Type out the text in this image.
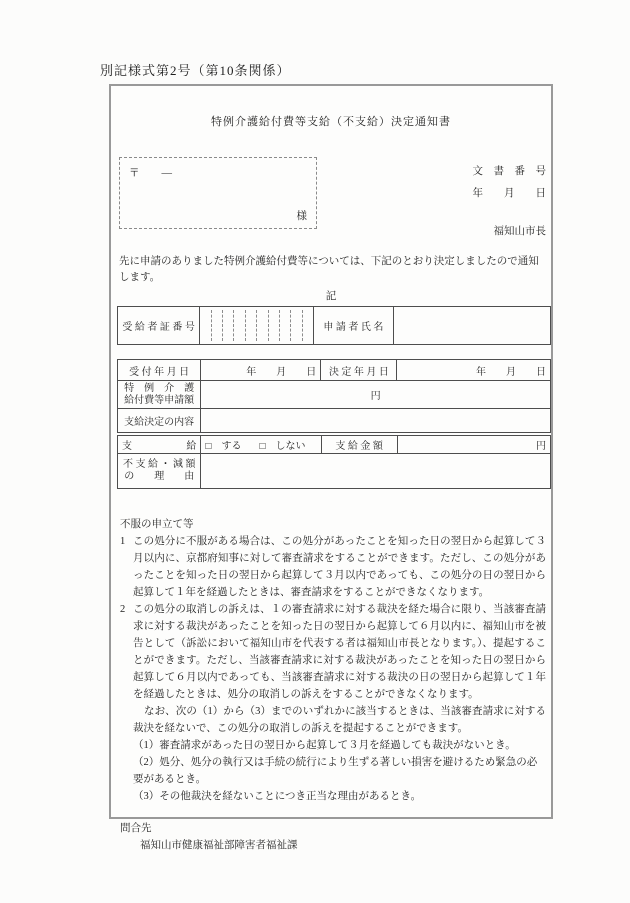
別記様式第2号（第10条関係）
特例介護給付費等支給（不支給）決定通知書
〒 —
様
文　書　番　号
年　　月　　日
福知山市長
先に申請のありました特例介護給付費等については、下記のとおり決定しましたので通知します。
記
受 給 者 証 番 号		申 請 者 氏 名	
受 付 年 月 日	年　　月　　日	決 定 年 月 日	年　　月　　日

特　例　介　護
給付費等申請額	円		
支給決定の内容			
支 給	□　する □　しない	支 給 金 額	円

不 支 給 ・ 減 額
の　　理　　由			

不服の申立て等
1 この処分に不服がある場合は、この処分があったことを知った日の翌日から起算して３月以内に、京都府知事に対して審査請求をすることができます。ただし、この処分があったことを知った日の翌日から起算して３月以内であっても、この処分の日の翌日から起算して１年を経過したときは、審査請求をすることができなくなります。
2 この処分の取消しの訴えは、１の審査請求に対する裁決を経た場合に限り、当該審査請求に対する裁決があったことを知った日の翌日から起算して６月以内に、福知山市を被告として（訴訟において福知山市を代表する者は福知山市長となります。）、提起することができます。ただし、当該審査請求に対する裁決があったことを知った日の翌日から起算して６月以内であっても、当該審査請求に対する裁決の日の翌日から起算して１年を経過したときは、処分の取消しの訴えをすることができなくなります。
なお、次の（1）から（3）までのいずれかに該当するときは、当該審査請求に対する裁決を経ないで、この処分の取消しの訴えを提起することができます。
（1）審査請求があった日の翌日から起算して３月を経過しても裁決がないとき。
（2）処分、処分の執行又は手続の続行により生ずる著しい損害を避けるため緊急の必要があるとき。
（3）その他裁決を経ないことにつき正当な理由があるとき。
問合先
福知山市健康福祉部障害者福祉課
